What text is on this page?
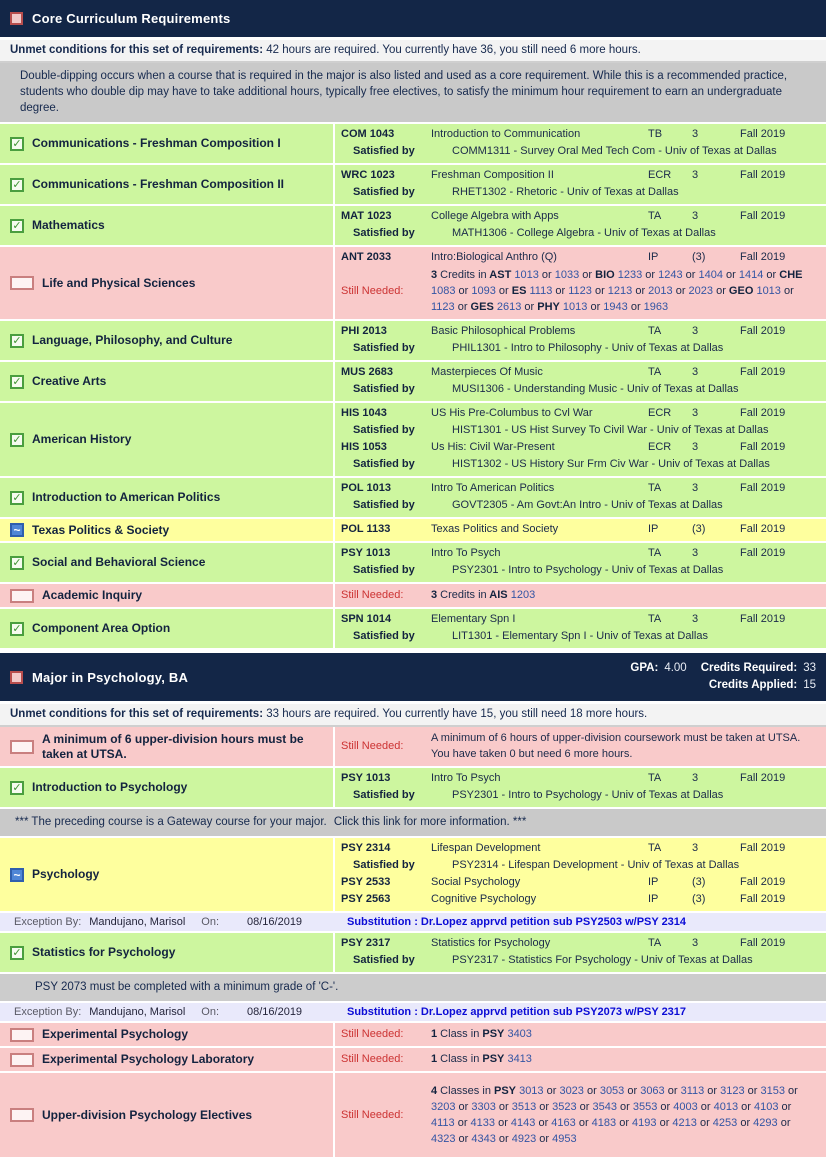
Core Curriculum Requirements
Unmet conditions for this set of requirements: 42 hours are required. You currently have 36, you still need 6 more hours.
Double-dipping occurs when a course that is required in the major is also listed and used as a core requirement. While this is a recommended practice, students who double dip may have to take additional hours, typically free electives, to satisfy the minimum hour requirement to earn an undergraduate degree.
✓ Communications - Freshman Composition I
COM 1043	Introduction to Communication	TB	3	Fall 2019
Satisfied by	COMM1311 - Survey Oral Med Tech Com - Univ of Texas at Dallas
✓ Communications - Freshman Composition II
WRC 1023	Freshman Composition II	ECR	3	Fall 2019
Satisfied by	RHET1302 - Rhetoric - Univ of Texas at Dallas
✓ Mathematics
MAT 1023	College Algebra with Apps	TA	3	Fall 2019
Satisfied by	MATH1306 - College Algebra - Univ of Texas at Dallas
Life and Physical Sciences
ANT 2033	Intro:Biological Anthro (Q)	IP	(3)	Fall 2019
Still Needed:
3 Credits in AST 1013 or 1033 or BIO 1233 or 1243 or 1404 or 1414 or CHE 1083 or 1093 or ES 1113 or 1123 or 1213 or 2013 or 2023 or GEO 1013 or 1123 or GES 2613 or PHY 1013 or 1943 or 1963
✓ Language, Philosophy, and Culture
PHI 2013	Basic Philosophical Problems	TA	3	Fall 2019
Satisfied by	PHIL1301 - Intro to Philosophy - Univ of Texas at Dallas
✓ Creative Arts
MUS 2683	Masterpieces Of Music	TA	3	Fall 2019
Satisfied by	MUSI1306 - Understanding Music - Univ of Texas at Dallas
✓ American History
HIS 1043	US His Pre-Columbus to Cvl War	ECR	3	Fall 2019
Satisfied by	HIST1301 - US Hist Survey To Civil War - Univ of Texas at Dallas
HIS 1053	Us His: Civil War-Present	ECR	3	Fall 2019
Satisfied by	HIST1302 - US History Sur Frm Civ War - Univ of Texas at Dallas
✓ Introduction to American Politics
POL 1013	Intro To American Politics	TA	3	Fall 2019
Satisfied by	GOVT2305 - Am Govt:An Intro - Univ of Texas at Dallas
~ Texas Politics & Society	POL 1133	Texas Politics and Society	IP	(3)	Fall 2019
✓ Social and Behavioral Science
PSY 1013	Intro To Psych	TA	3	Fall 2019
Satisfied by	PSY2301 - Intro to Psychology - Univ of Texas at Dallas
Academic Inquiry	Still Needed:	3 Credits in AIS 1203
✓ Component Area Option
SPN 1014	Elementary Spn I	TA	3	Fall 2019
Satisfied by	LIT1301 - Elementary Spn I - Univ of Texas at Dallas
Major in Psychology, BA
GPA: 4.00 Credits Required: 33
Credits Applied: 15
Unmet conditions for this set of requirements: 33 hours are required. You currently have 15, you still need 18 more hours.
A minimum of 6 upper-division hours must be taken at UTSA.
Still Needed:
A minimum of 6 hours of upper-division coursework must be taken at UTSA. You have taken 0 but need 6 more hours.
✓ Introduction to Psychology
PSY 1013	Intro To Psych	TA	3	Fall 2019
Satisfied by	PSY2301 - Intro to Psychology - Univ of Texas at Dallas
*** The preceding course is a Gateway course for your major. Click this link for more information. ***
~ Psychology
PSY 2314	Lifespan Development	TA	3	Fall 2019
Satisfied by	PSY2314 - Lifespan Development - Univ of Texas at Dallas
PSY 2533	Social Psychology	IP	(3)	Fall 2019
PSY 2563	Cognitive Psychology	IP	(3)	Fall 2019
Exception By: Mandujano, Marisol	On:	08/16/2019	Substitution : Dr.Lopez apprvd petition sub PSY2503 w/PSY 2314
✓ Statistics for Psychology
PSY 2317	Statistics for Psychology	TA	3	Fall 2019
Satisfied by	PSY2317 - Statistics For Psychology - Univ of Texas at Dallas
PSY 2073 must be completed with a minimum grade of 'C-'.
Exception By: Mandujano, Marisol	On:	08/16/2019	Substitution : Dr.Lopez apprvd petition sub PSY2073 w/PSY 2317
Experimental Psychology	Still Needed:	1 Class in PSY 3403
Experimental Psychology Laboratory	Still Needed:	1 Class in PSY 3413
Upper-division Psychology Electives	Still Needed:
4 Classes in PSY 3013 or 3023 or 3053 or 3063 or 3113 or 3123 or 3153 or 3203 or 3303 or 3513 or 3523 or 3543 or 3553 or 4003 or 4013 or 4103 or 4113 or 4133 or 4143 or 4163 or 4183 or 4193 or 4213 or 4253 or 4293 or 4323 or 4343 or 4923 or 4953
